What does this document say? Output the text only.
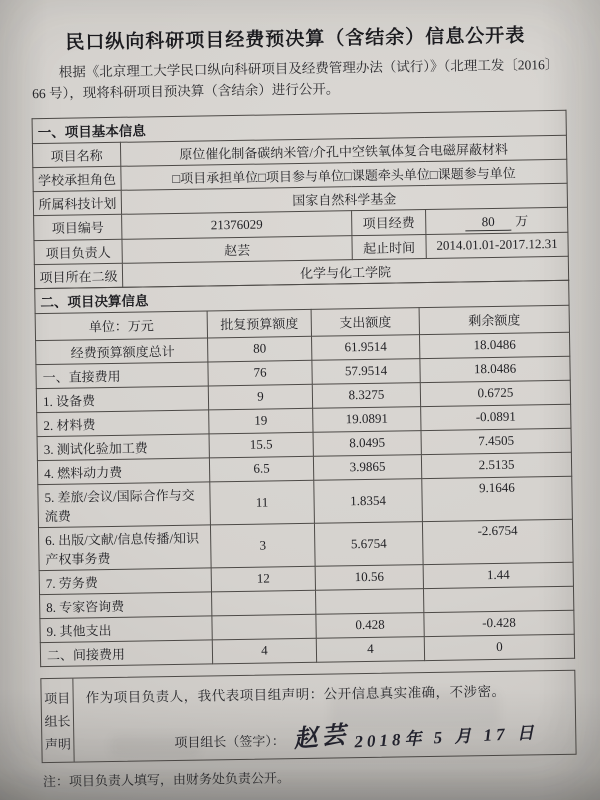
民口纵向科研项目经费预决算（含结余）信息公开表

根据《北京理工大学民口纵向科研项目及经费管理办法（试行）》（北理工发〔2016〕66 号），现将科研项目预决算（含结余）进行公开。

一、项目基本信息			
项目名称	原位催化制备碳纳米管/介孔中空铁氧体复合电磁屏蔽材料		
学校承担角色	□项目承担单位□项目参与单位□课题牵头单位□课题参与单位		
所属科技计划	国家自然科学基金		
项目编号	21376029	项目经费	80 万
项目负责人	赵芸	起止时间	2014.01.01-2017.12.31
项目所在二级	化学与化工学院		
二、项目决算信息			
单位：万元	批复预算额度	支出额度	剩余额度
经费预算额度总计	80	61.9514	18.0486
一、直接费用	76	57.9514	18.0486
1. 设备费	9	8.3275	0.6725
2. 材料费	19	19.0891	-0.0891
3. 测试化验加工费	15.5	8.0495	7.4505
4. 燃料动力费	6.5	3.9865	2.5135
5. 差旅/会议/国际合作与交流费	11	1.8354	9.1646
6. 出版/文献/信息传播/知识产权事务费	3	5.6754	-2.6754
7. 劳务费	12	10.56	1.44
8. 专家咨询费			
9. 其他支出		0.428	-0.428
二、间接费用	4	4	0
项目
组长
声明
作为项目负责人，我代表项目组声明：公开信息真实准确，不涉密。
项目组长（签字）： 赵芸 2018年 5 月 17 日

注：项目负责人填写，由财务处负责公开。
